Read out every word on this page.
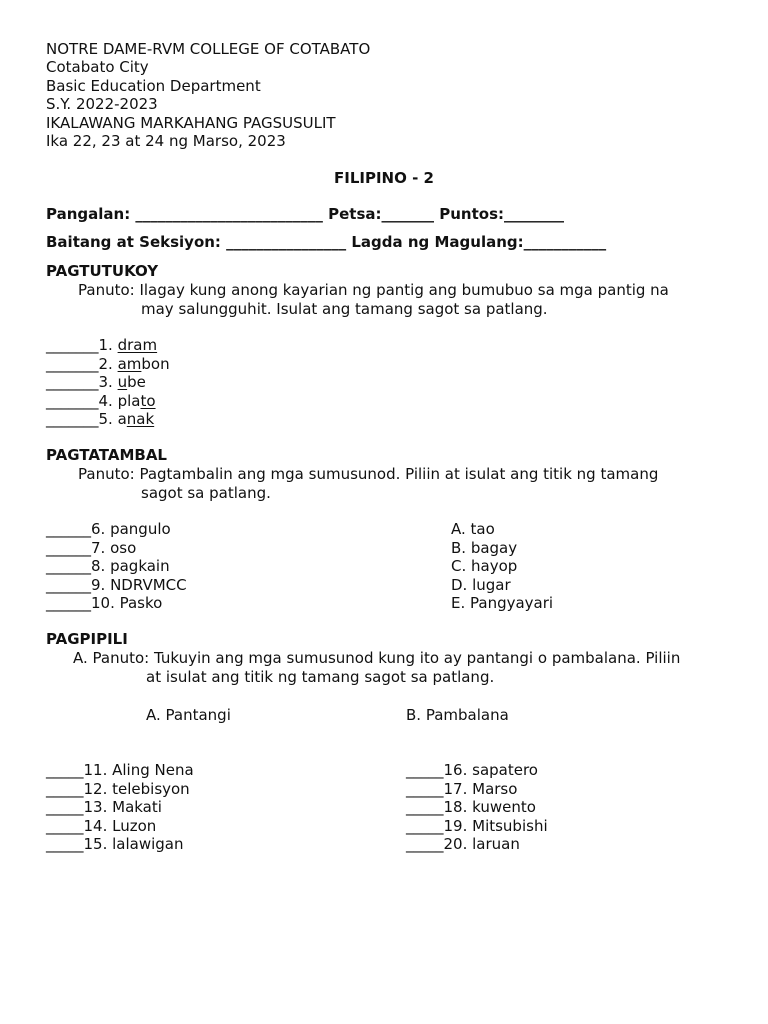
NOTRE DAME-RVM COLLEGE OF COTABATO
Cotabato City
Basic Education Department
S.Y. 2022-2023
IKALAWANG MARKAHANG PAGSUSULIT
Ika 22, 23 at 24 ng Marso, 2023
FILIPINO - 2
Pangalan: _________________________ Petsa:_______ Puntos:________
Baitang at Seksiyon: ________________ Lagda ng Magulang:___________
PAGTUTUKOY
Panuto: Ilagay kung anong kayarian ng pantig ang bumubuo sa mga pantig na
may salungguhit. Isulat ang tamang sagot sa patlang.
_______1. dram
_______2. ambon
_______3. ube
_______4. plato
_______5. anak
PAGTATAMBAL
Panuto: Pagtambalin ang mga sumusunod. Piliin at isulat ang titik ng tamang
sagot sa patlang.
______6. pangulo
______7. oso
______8. pagkain
______9. NDRVMCC
______10. Pasko
A. tao
B. bagay
C. hayop
D. lugar
E. Pangyayari
PAGPIPILI
A. Panuto: Tukuyin ang mga sumusunod kung ito ay pantangi o pambalana. Piliin
at isulat ang titik ng tamang sagot sa patlang.
A. Pantangi	B. Pambalana
_____11. Aling Nena
_____12. telebisyon
_____13. Makati
_____14. Luzon
_____15. lalawigan
_____16. sapatero
_____17. Marso
_____18. kuwento
_____19. Mitsubishi
_____20. laruan
